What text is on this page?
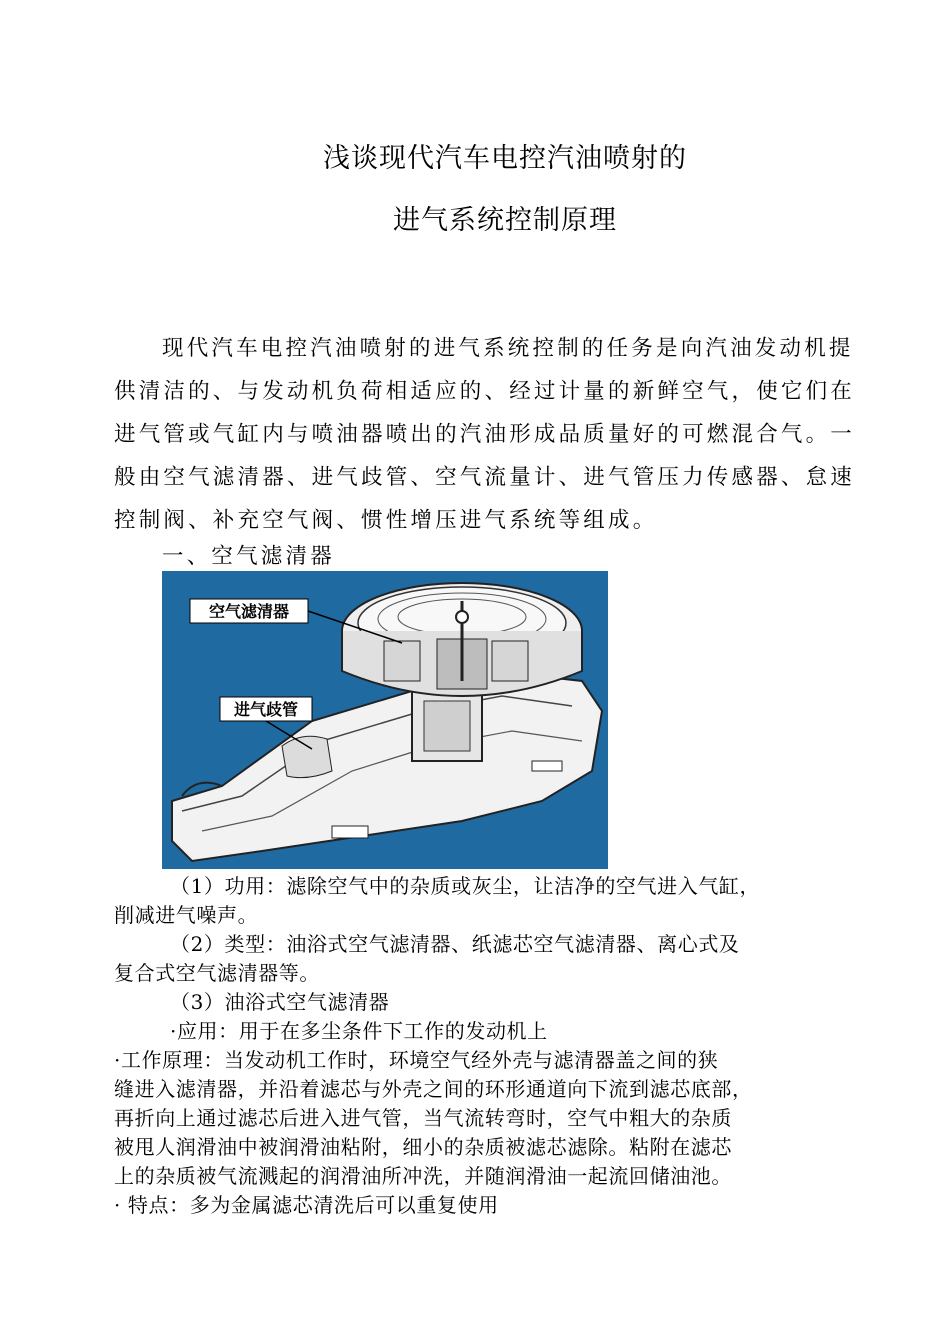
浅谈现代汽车电控汽油喷射的
进气系统控制原理
现代汽车电控汽油喷射的进气系统控制的任务是向汽油发动机提
供清洁的、与发动机负荷相适应的、经过计量的新鲜空气，使它们在
进气管或气缸内与喷油器喷出的汽油形成品质量好的可燃混合气。一
般由空气滤清器、进气歧管、空气流量计、进气管压力传感器、怠速
控制阀、补充空气阀、惯性增压进气系统等组成。
一、空气滤清器
空气滤清器
进气歧管
（1）功用：滤除空气中的杂质或灰尘，让洁净的空气进入气缸，
削减进气噪声。
（2）类型：油浴式空气滤清器、纸滤芯空气滤清器、离心式及
复合式空气滤清器等。
（3）油浴式空气滤清器
·应用：用于在多尘条件下工作的发动机上
·工作原理：当发动机工作时，环境空气经外壳与滤清器盖之间的狭
缝进入滤清器，并沿着滤芯与外壳之间的环形通道向下流到滤芯底部，
再折向上通过滤芯后进入进气管，当气流转弯时，空气中粗大的杂质
被甩人润滑油中被润滑油粘附，细小的杂质被滤芯滤除。粘附在滤芯
上的杂质被气流溅起的润滑油所冲洗，并随润滑油一起流回储油池。
· 特点：多为金属滤芯清洗后可以重复使用
